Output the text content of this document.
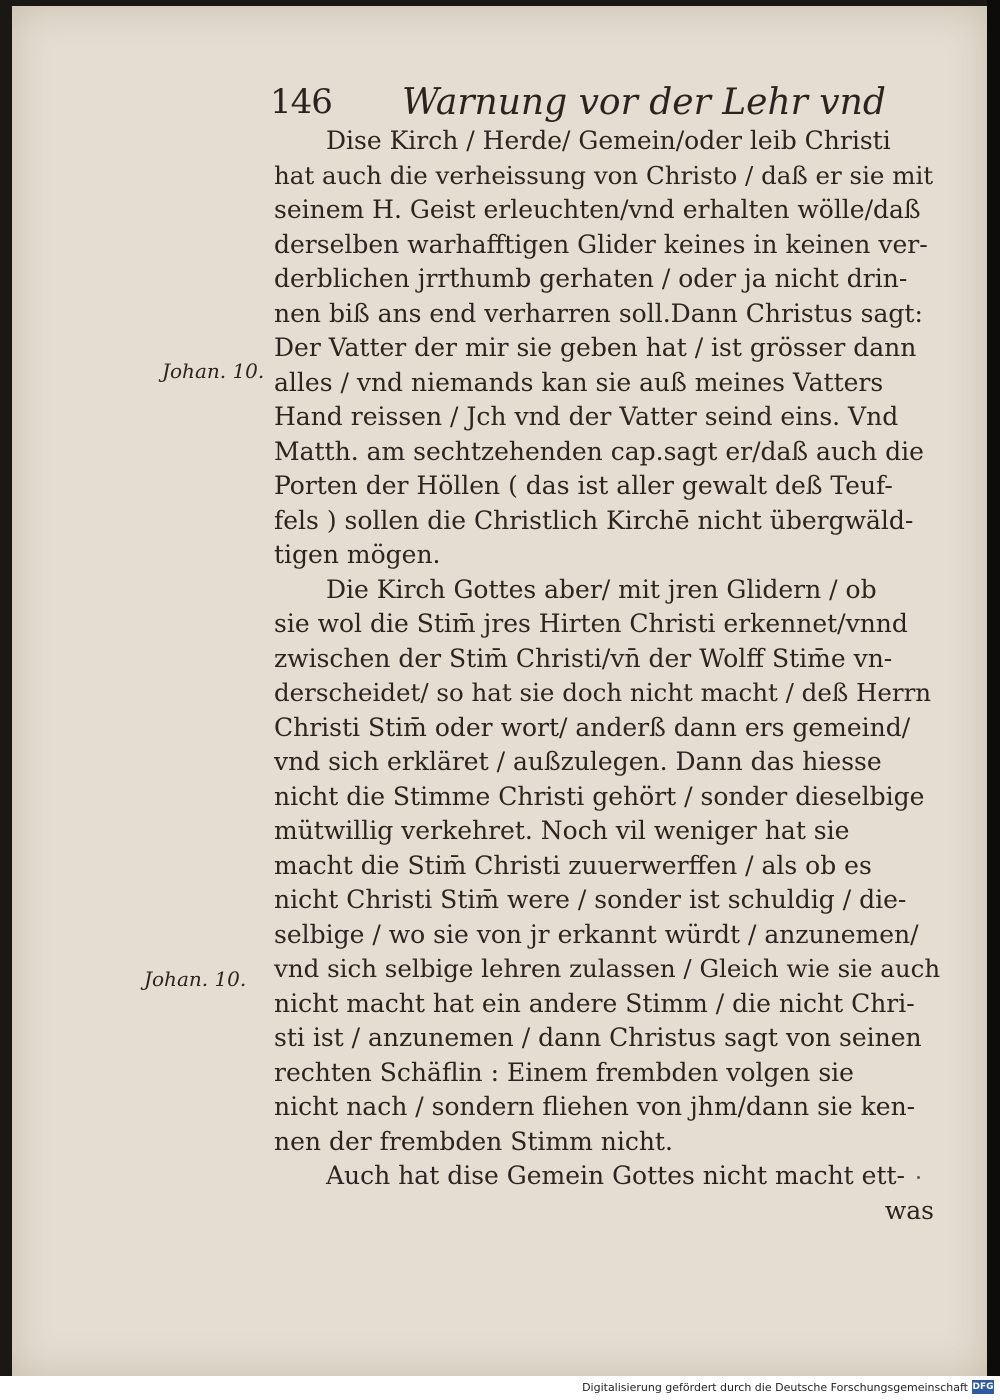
146 Warnung vor der Lehr vnd
Dise Kirch / Herde/ Gemein/oder leib Christi
hat auch die verheissung von Christo / daß er sie mit
seinem H. Geist erleuchten/vnd erhalten wölle/daß
derselben warhafftigen Glider keines in keinen ver-
derblichen jrrthumb gerhaten / oder ja nicht drin-
nen biß ans end verharren soll.Dann Christus sagt:
Der Vatter der mir sie geben hat / ist grösser dann
alles / vnd niemands kan sie auß meines Vatters
Hand reissen / Jch vnd der Vatter seind eins. Vnd
Matth. am sechtzehenden cap.sagt er/daß auch die
Porten der Höllen ( das ist aller gewalt deß Teuf-
fels ) sollen die Christlich Kirchē nicht übergwäld-
tigen mögen.
Die Kirch Gottes aber/ mit jren Glidern / ob
sie wol die Stim̄ jres Hirten Christi erkennet/vnnd
zwischen der Stim̄ Christi/vn̄ der Wolff Stim̄e vn-
derscheidet/ so hat sie doch nicht macht / deß Herrn
Christi Stim̄ oder wort/ anderß dann ers gemeind/
vnd sich erkläret / außzulegen. Dann das hiesse
nicht die Stimme Christi gehört / sonder dieselbige
mütwillig verkehret. Noch vil weniger hat sie
macht die Stim̄ Christi zuuerwerffen / als ob es
nicht Christi Stim̄ were / sonder ist schuldig / die-
selbige / wo sie von jr erkannt würdt / anzunemen/
vnd sich selbige lehren zulassen / Gleich wie sie auch
nicht macht hat ein andere Stimm / die nicht Chri-
sti ist / anzunemen / dann Christus sagt von seinen
rechten Schäflin : Einem frembden volgen sie
nicht nach / sondern fliehen von jhm/dann sie ken-
nen der frembden Stimm nicht.
Auch hat dise Gemein Gottes nicht macht ett-
was
Johan. 10.
Johan. 10.
Digitalisierung gefördert durch die Deutsche Forschungsgemeinschaft DFG
